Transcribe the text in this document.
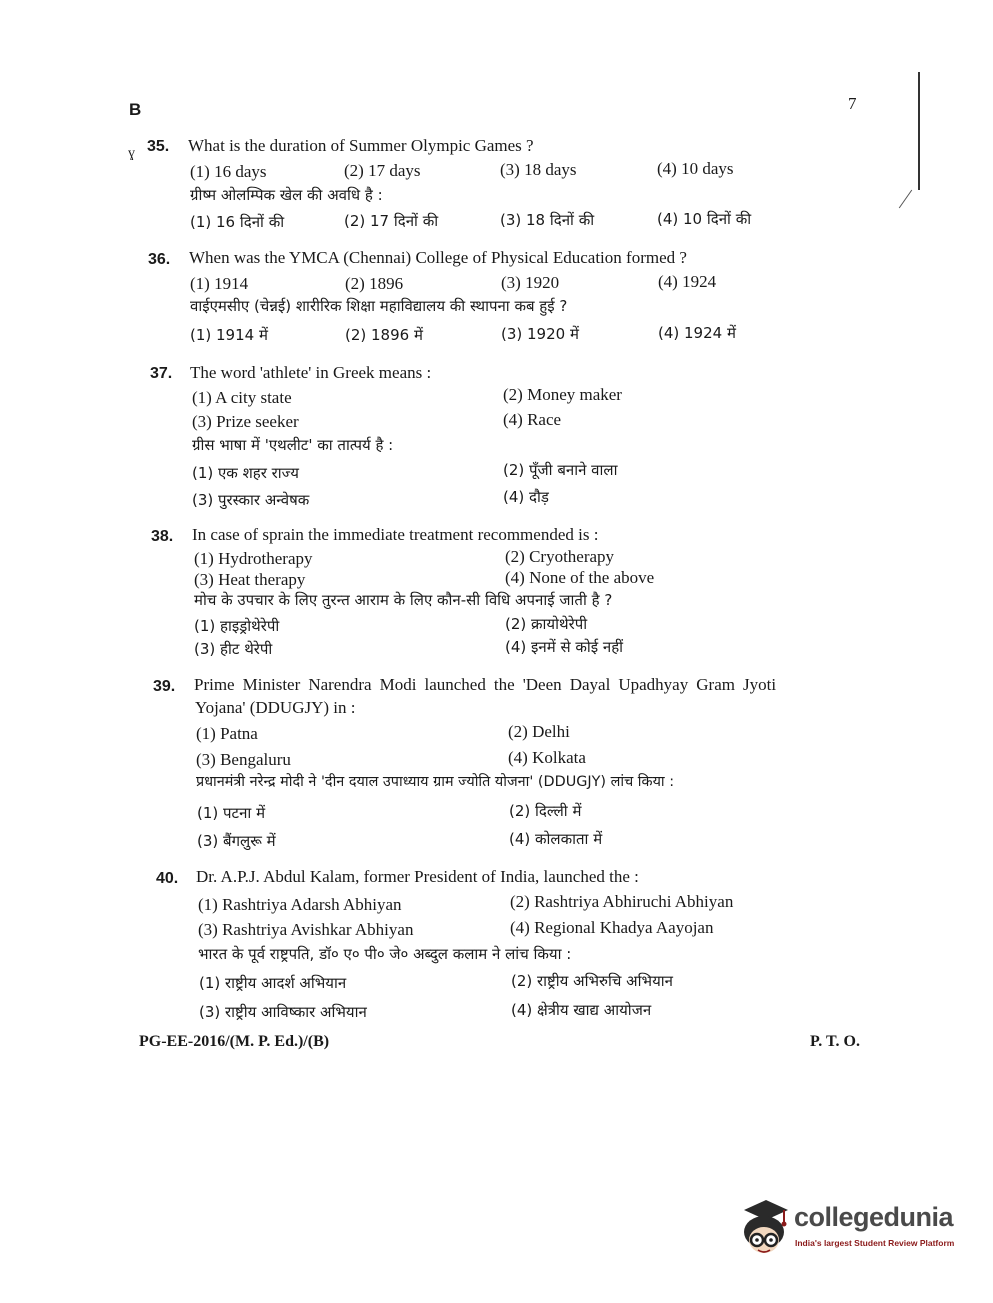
B	7
ɣ 35. What is the duration of Summer Olympic Games ?
(1) 16 days	(2) 17 days	(3) 18 days	(4) 10 days
ग्रीष्म ओलम्पिक खेल की अवधि है :
(1) 16 दिनों की	(2) 17 दिनों की	(3) 18 दिनों की	(4) 10 दिनों की
36. When was the YMCA (Chennai) College of Physical Education formed ?
(1) 1914	(2) 1896	(3) 1920	(4) 1924
वाईएमसीए (चेन्नई) शारीरिक शिक्षा महाविद्यालय की स्थापना कब हुई ?
(1) 1914 में	(2) 1896 में	(3) 1920 में	(4) 1924 में
37. The word 'athlete' in Greek means :
(1) A city state	(2) Money maker
(3) Prize seeker	(4) Race
ग्रीस भाषा में 'एथलीट' का तात्पर्य है :
(1) एक शहर राज्य	(2) पूँजी बनाने वाला
(3) पुरस्कार अन्वेषक	(4) दौड़
38. In case of sprain the immediate treatment recommended is :
(1) Hydrotherapy	(2) Cryotherapy
(3) Heat therapy	(4) None of the above
मोच के उपचार के लिए तुरन्त आराम के लिए कौन-सी विधि अपनाई जाती है ?
(1) हाइड्रोथेरेपी	(2) क्रायोथेरेपी
(3) हीट थेरेपी	(4) इनमें से कोई नहीं
39. Prime Minister Narendra Modi launched the 'Deen Dayal Upadhyay Gram Jyoti
Yojana' (DDUGJY) in :
(1) Patna	(2) Delhi
(3) Bengaluru	(4) Kolkata
प्रधानमंत्री नरेन्द्र मोदी ने 'दीन दयाल उपाध्याय ग्राम ज्योति योजना' (DDUGJY) लांच किया :
(1) पटना में	(2) दिल्ली में
(3) बैंगलुरू में	(4) कोलकाता में
40. Dr. A.P.J. Abdul Kalam, former President of India, launched the :
(1) Rashtriya Adarsh Abhiyan	(2) Rashtriya Abhiruchi Abhiyan
(3) Rashtriya Avishkar Abhiyan	(4) Regional Khadya Aayojan
भारत के पूर्व राष्ट्रपति, डॉ० ए० पी० जे० अब्दुल कलाम ने लांच किया :
(1) राष्ट्रीय आदर्श अभियान	(2) राष्ट्रीय अभिरुचि अभियान
(3) राष्ट्रीय आविष्कार अभियान	(4) क्षेत्रीय खाद्य आयोजन
PG-EE-2016/(M. P. Ed.)/(B)	P. T. O.
collegedunia
India's largest Student Review Platform
